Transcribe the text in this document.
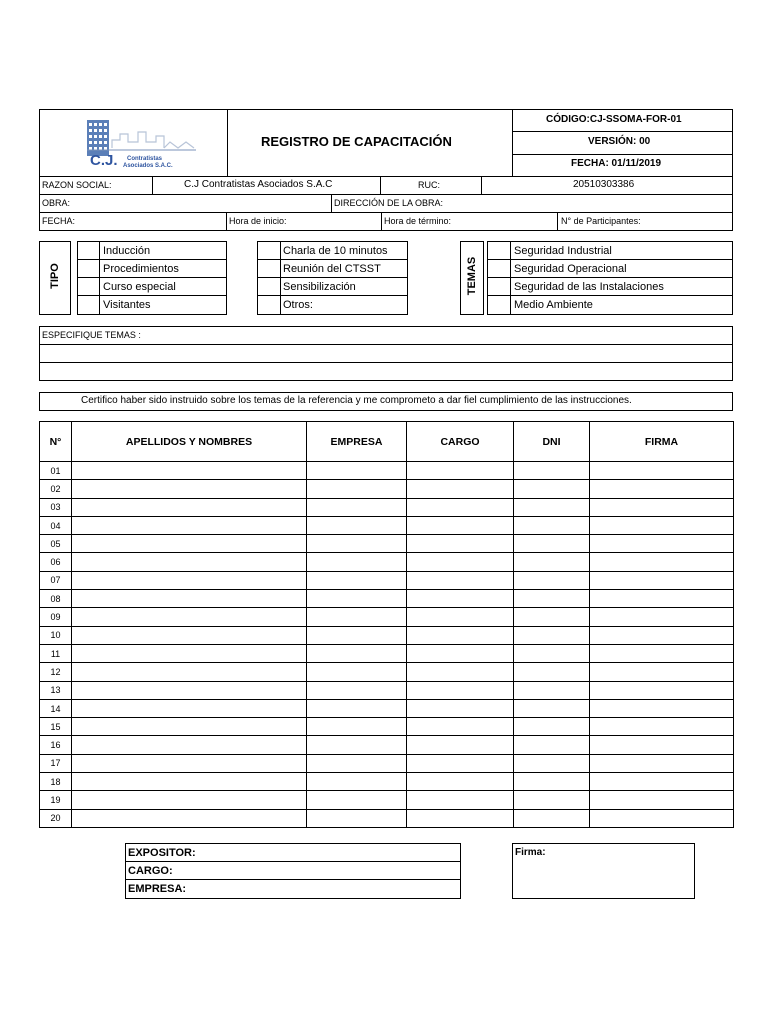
C.J. Contratistas
Asociados S.A.C.
REGISTRO DE CAPACITACIÓN
CÓDIGO:CJ-SSOMA-FOR-01
VERSIÓN: 00
FECHA: 01/11/2019
RAZON SOCIAL:	C.J Contratistas Asociados S.A.C	RUC:	20510303386
OBRA:	DIRECCIÓN DE LA OBRA:
FECHA:	Hora de inicio:	Hora de término:	N° de Participantes:
TIPO
Inducción
Procedimientos
Curso especial
Visitantes
Charla de 10 minutos
Reunión del CTSST
Sensibilización
Otros:
TEMAS
Seguridad Industrial
Seguridad Operacional
Seguridad de las Instalaciones
Medio Ambiente
ESPECIFIQUE TEMAS :
Certifico haber sido instruido sobre los temas de la referencia y me comprometo a dar fiel cumplimiento de las instrucciones.
N°	APELLIDOS Y NOMBRES	EMPRESA	CARGO	DNI	FIRMA
01					
02					
03					
04					
05					
06					
07					
08					
09					
10					
11					
12					
13					
14					
15					
16					
17					
18					
19					
20					
EXPOSITOR:
CARGO:
EMPRESA:
Firma:
